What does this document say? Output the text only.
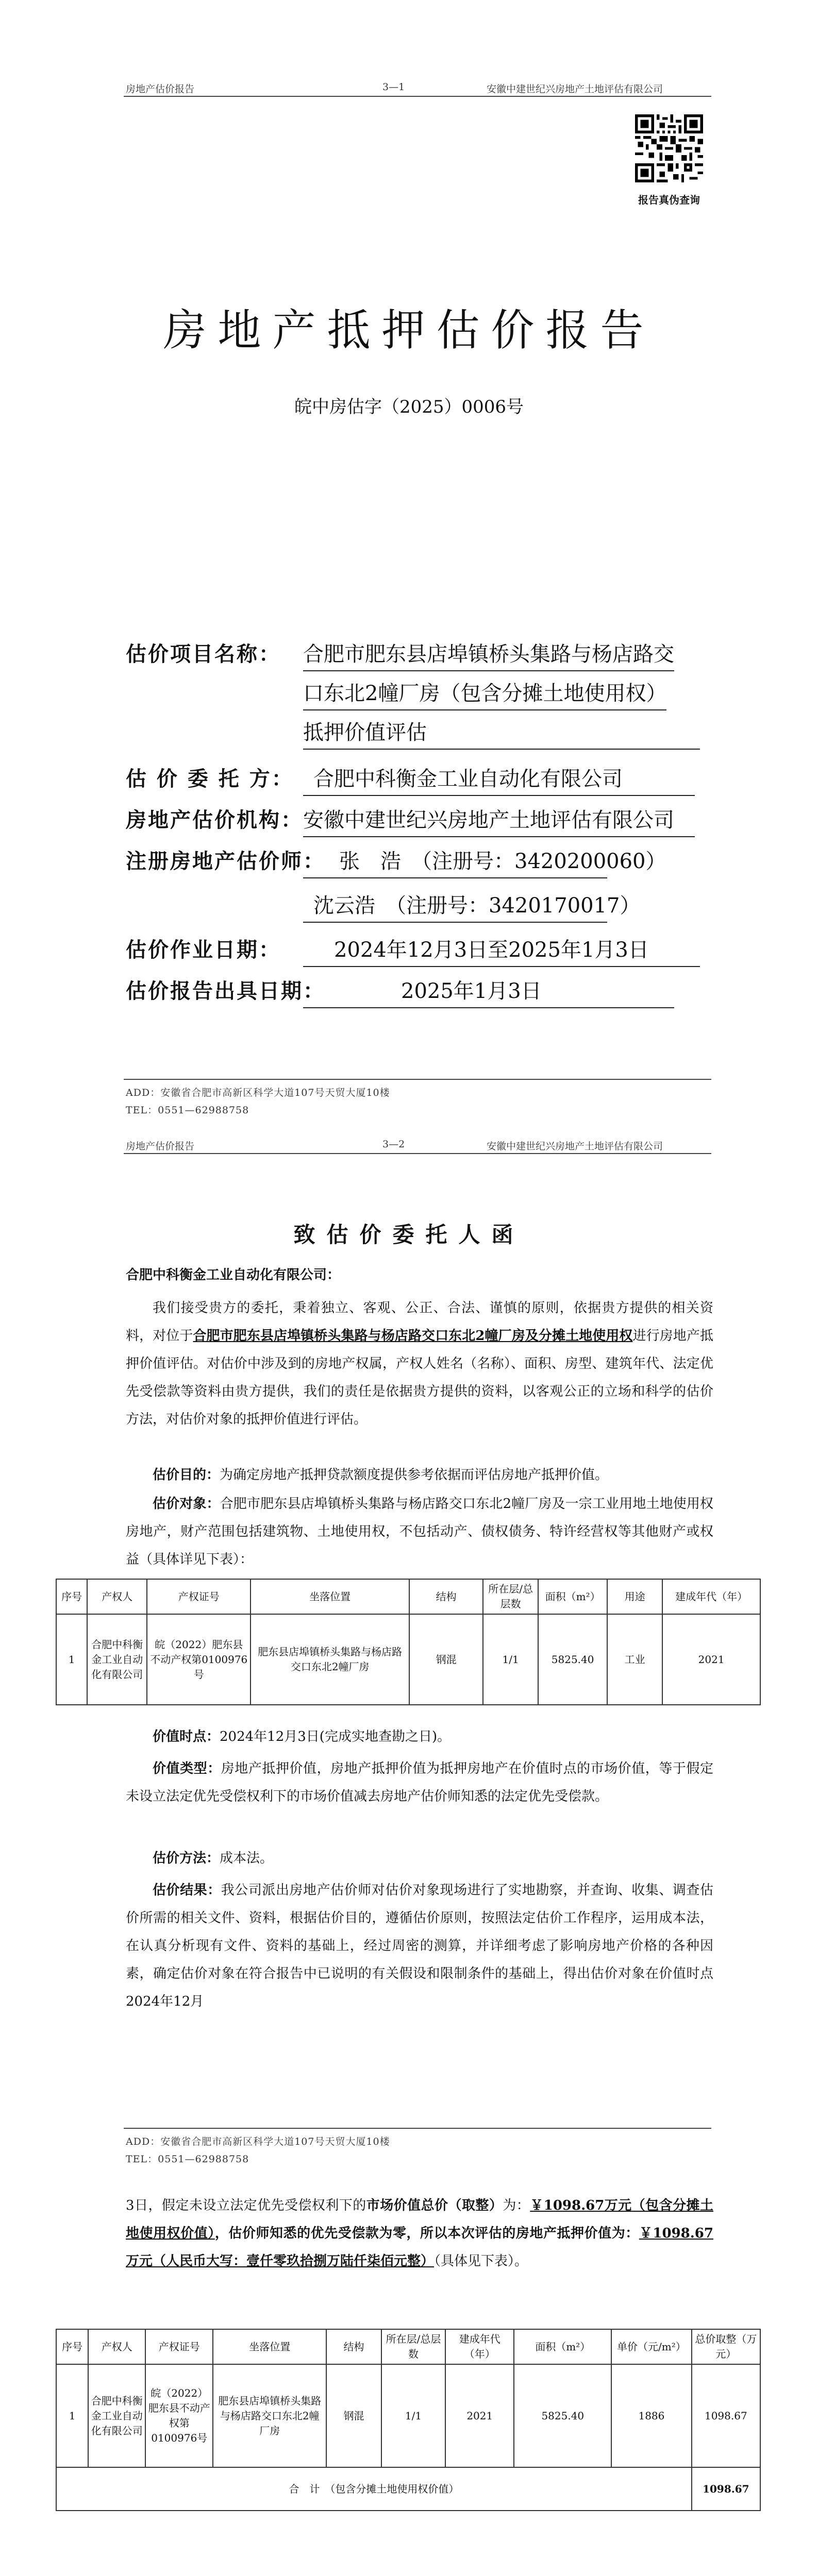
房地产估价报告	3—1	安徽中建世纪兴房地产土地评估有限公司
报告真伪查询
房地产抵押估价报告
皖中房估字（2025）0006号
估价项目名称： 合肥市肥东县店埠镇桥头集路与杨店路交
口东北2幢厂房（包含分摊土地使用权）
抵押价值评估
估 价 委 托 方： 合肥中科衡金工业自动化有限公司
房地产估价机构： 安徽中建世纪兴房地产土地评估有限公司
注册房地产估价师： 张　浩　（注册号：3420200060）
沈云浩　（注册号：3420170017）
估价作业日期：	2024年12月3日至2025年1月3日
估价报告出具日期：	2025年1月3日
ADD：安徽省合肥市高新区科学大道107号天贸大厦10楼
TEL：0551—62988758
房地产估价报告	3—2	安徽中建世纪兴房地产土地评估有限公司
致估价委托人函
合肥中科衡金工业自动化有限公司：
我们接受贵方的委托，秉着独立、客观、公正、合法、谨慎的原则，依据贵方提供的相关资料，对位于合肥市肥东县店埠镇桥头集路与杨店路交口东北2幢厂房及分摊土地使用权进行房地产抵押价值评估。对估价中涉及到的房地产权属，产权人姓名（名称）、面积、房型、建筑年代、法定优先受偿款等资料由贵方提供，我们的责任是依据贵方提供的资料，以客观公正的立场和科学的估价方法，对估价对象的抵押价值进行评估。
估价目的：为确定房地产抵押贷款额度提供参考依据而评估房地产抵押价值。
估价对象：合肥市肥东县店埠镇桥头集路与杨店路交口东北2幢厂房及一宗工业用地土地使用权房地产，财产范围包括建筑物、土地使用权，不包括动产、债权债务、特许经营权等其他财产或权益（具体详见下表）：
序号	产权人	产权证号	坐落位置	结构	所在层/总层数	面积（m²）	用途	建成年代（年）
1	合肥中科衡金工业自动化有限公司	皖（2022）肥东县不动产权第0100976号	肥东县店埠镇桥头集路与杨店路交口东北2幢厂房	钢混	1/1	5825.40	工业	2021
价值时点：2024年12月3日(完成实地查勘之日)。
价值类型：房地产抵押价值，房地产抵押价值为抵押房地产在价值时点的市场价值，等于假定未设立法定优先受偿权利下的市场价值减去房地产估价师知悉的法定优先受偿款。
估价方法：成本法。
估价结果：我公司派出房地产估价师对估价对象现场进行了实地勘察，并查询、收集、调查估价所需的相关文件、资料，根据估价目的，遵循估价原则，按照法定估价工作程序，运用成本法，在认真分析现有文件、资料的基础上，经过周密的测算，并详细考虑了影响房地产价格的各种因素，确定估价对象在符合报告中已说明的有关假设和限制条件的基础上，得出估价对象在价值时点2024年12月
ADD：安徽省合肥市高新区科学大道107号天贸大厦10楼
TEL：0551—62988758
3日，假定未设立法定优先受偿权利下的市场价值总价（取整）为：￥1098.67万元（包含分摊土地使用权价值），估价师知悉的优先受偿款为零，所以本次评估的房地产抵押价值为：￥1098.67万元（人民币大写：壹仟零玖拾捌万陆仟柒佰元整）（具体见下表）。
序号	产权人	产权证号	坐落位置	结构	所在层/总层数	建成年代（年）	面积（m²）	单价（元/m²）	总价取整（万元）
1	合肥中科衡金工业自动化有限公司	皖（2022）肥东县不动产权第0100976号	肥东县店埠镇桥头集路与杨店路交口东北2幢厂房	钢混	1/1	2021	5825.40	1886	1098.67
合　计　（包含分摊土地使用权价值）									1098.67
